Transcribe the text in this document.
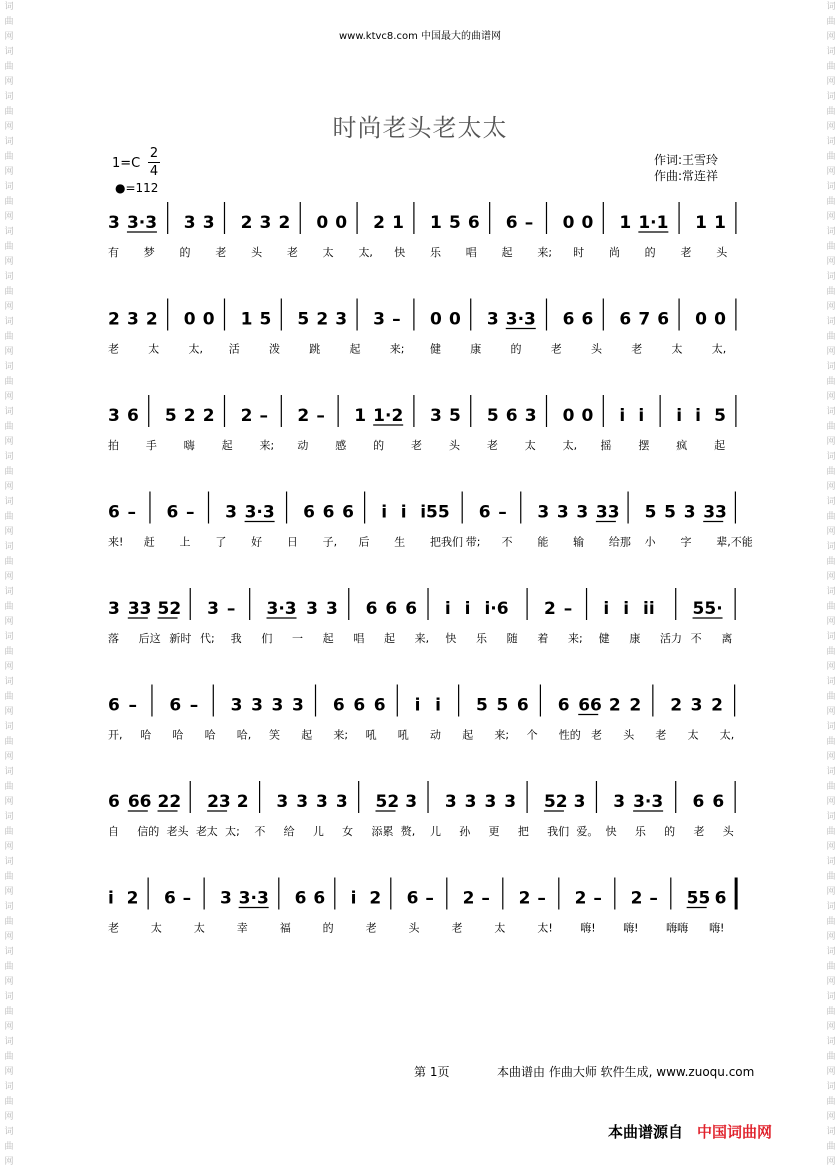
词
曲
网
词
曲
网
词
曲
网
词
曲
网
词
曲
网
词
曲
网
词
曲
网
词
曲
网
词
曲
网
词
曲
网
词
曲
网
词
曲
网
词
曲
网
词
曲
网
词
曲
网
词
曲
网
词
曲
网
词
曲
网
词
曲
网
词
曲
网
词
曲
网
词
曲
网
词
曲
网
词
曲
网
词
曲
网
词
曲
网
词
曲
网
词
曲
网
词
曲
网
词
曲
网
词
曲
网
词
曲
网
词
曲
网
词
曲
网
词
曲
网
词
曲
网
词
曲
网
词
曲
网
词
曲
网
词
曲
网
词
曲
网
词
曲
网
词
曲
网
词
曲
网
词
曲
网
词
曲
网
词
曲
网
词
曲
网
词
曲
网
词
曲
网
词
曲
网
词
曲
网
www.ktvc8.com 中国最大的曲谱网
时尚老头老太太
$1=C \frac{2}{4}$
●=112
作词:王雪玲
作曲:常连祥
3 3·3 3 3 2 3 2 0 0 2 1 1 5 6 6 – 0 0 1 1·1 1 1
有 梦 的 老 头 老 太 太, 快 乐 唱 起 来; 时 尚 的 老 头
2 3 2 0 0 1 5 5 2 3 3 – 0 0 3 3·3 6 6 6 7 6 0 0
老	太	太, 活	泼	跳	起	来; 健	康	的	老	头	老	太	太,
3 6 5 2 2 2 – 2 – 1 1·2 3 5 5 6 3 0 0 i i i i 5
拍 手 嗨 起 来; 动 感 的 老 头 老 太 太, 摇 摆 疯 起
6 – 6 – 3 3·3 6 6 6 i i i55 6 – 3 3 3 33 5 5 3 33
来! 赶 上 了 好 日 子, 后 生 把我们 带; 不 能 输 给那 小 字 辈,不能
3 33 52 3 – 3·3 3 3 6 6 6 i i i·6 2 – i i ii 55·
落 后这 新时 代; 我 们 一 起 唱 起 来, 快 乐 随 着 来; 健 康 活力 不 离
6 – 6 – 3 3 3 3 6 6 6 i i 5 5 6 6 66 2 2 2 3 2
开, 哈 哈 哈 哈, 笑 起 来; 吼 吼 动 起 来; 个 性的 老 头 老 太 太,
6 66 22 23 2 3 3 3 3 52 3 3 3 3 3 52 3 3 3·3 6 6
自 信的 老头 老太 太; 不 给 儿 女 添累 赘, 儿 孙 更 把 我们 爱。 快 乐 的 老 头
i 2 6 – 3 3·3 6 6 i 2 6 – 2 – 2 – 2 – 2 – 55 6
老	太	太	幸	福	的	老	头	老	太	太!	嗨!	嗨!	嗨嗨 嗨!
第 1页	本曲谱由 作曲大师 软件生成, www.zuoqu.com
本曲谱源自 中国词曲网
